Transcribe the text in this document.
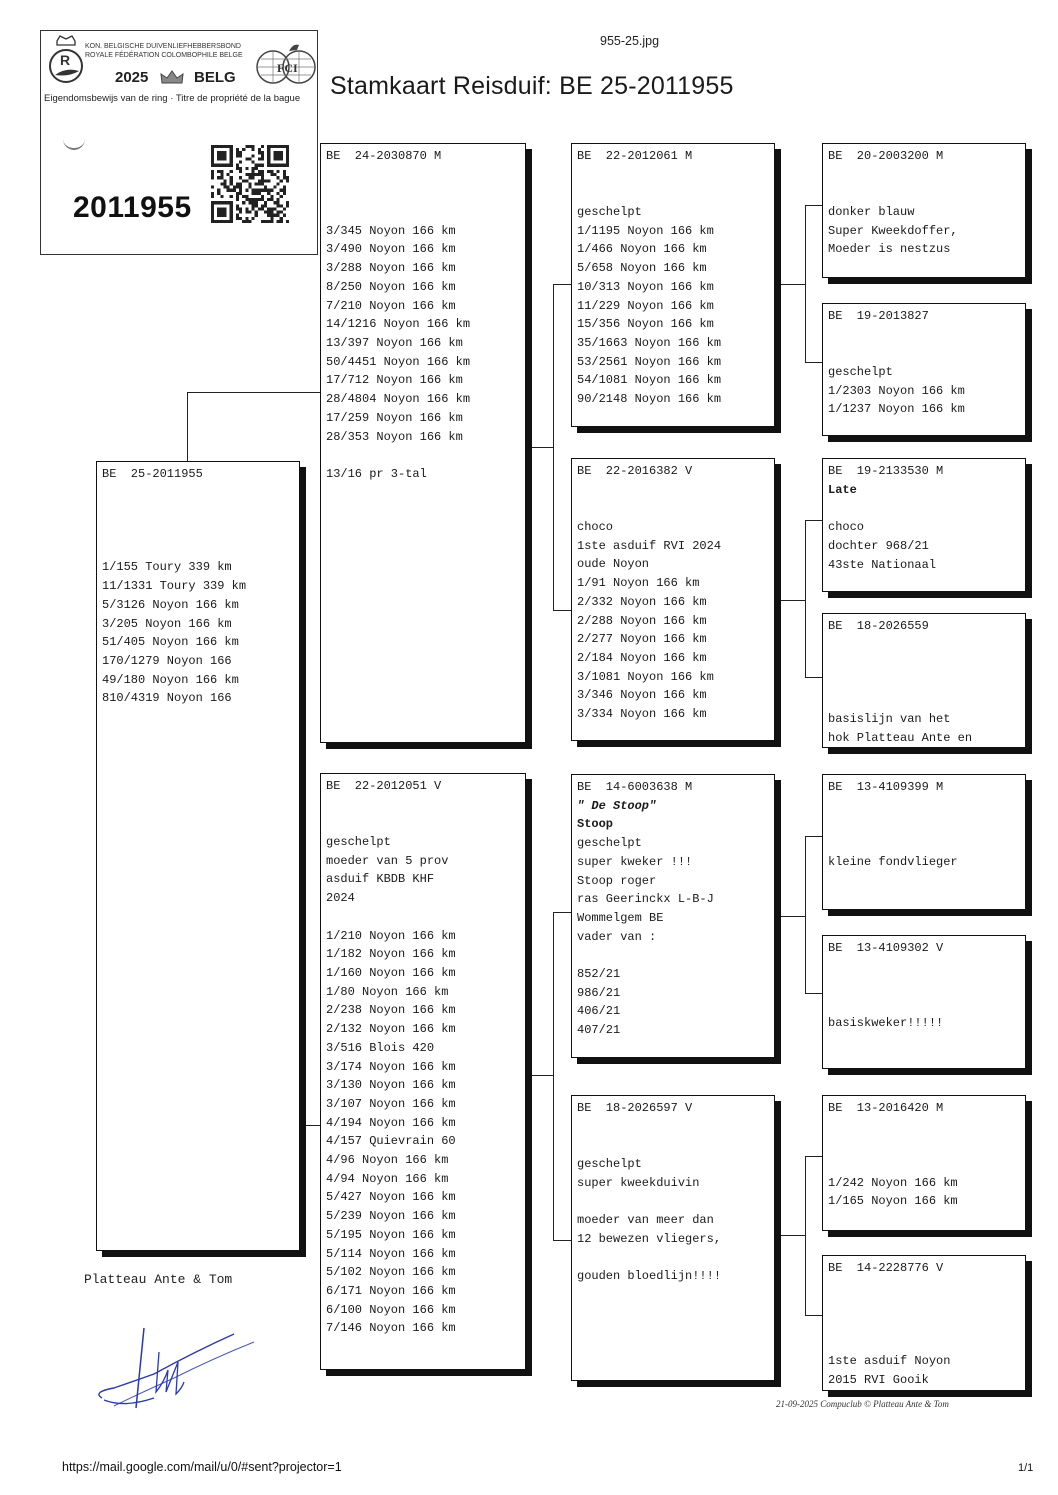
955-25.jpg
Stamkaart Reisduif: BE 25-2011955
R
KON. BELGISCHE DUIVENLIEFHEBBERSBOND
ROYALE FÉDÉRATION COLOMBOPHILE BELGE
2025	BELG
FCI
Eigendomsbewijs van de ring · Titre de propriété de la bague
2011955
BE  25-2011955
1/155 Toury 339 km
11/1331 Toury 339 km
5/3126 Noyon 166 km
3/205 Noyon 166 km
51/405 Noyon 166 km
170/1279 Noyon 166
49/180 Noyon 166 km
810/4319 Noyon 166
BE  24-2030870 M
3/345 Noyon 166 km
3/490 Noyon 166 km
3/288 Noyon 166 km
8/250 Noyon 166 km
7/210 Noyon 166 km
14/1216 Noyon 166 km
13/397 Noyon 166 km
50/4451 Noyon 166 km
17/712 Noyon 166 km
28/4804 Noyon 166 km
17/259 Noyon 166 km
28/353 Noyon 166 km
13/16 pr 3-tal
BE  22-2012051 V
geschelpt
moeder van 5 prov
asduif KBDB KHF
2024
1/210 Noyon 166 km
1/182 Noyon 166 km
1/160 Noyon 166 km
1/80 Noyon 166 km
2/238 Noyon 166 km
2/132 Noyon 166 km
3/516 Blois 420
3/174 Noyon 166 km
3/130 Noyon 166 km
3/107 Noyon 166 km
4/194 Noyon 166 km
4/157 Quievrain 60
4/96 Noyon 166 km
4/94 Noyon 166 km
5/427 Noyon 166 km
5/239 Noyon 166 km
5/195 Noyon 166 km
5/114 Noyon 166 km
5/102 Noyon 166 km
6/171 Noyon 166 km
6/100 Noyon 166 km
7/146 Noyon 166 km
BE  22-2012061 M
geschelpt
1/1195 Noyon 166 km
1/466 Noyon 166 km
5/658 Noyon 166 km
10/313 Noyon 166 km
11/229 Noyon 166 km
15/356 Noyon 166 km
35/1663 Noyon 166 km
53/2561 Noyon 166 km
54/1081 Noyon 166 km
90/2148 Noyon 166 km
BE  22-2016382 V
choco
1ste asduif RVI 2024
oude Noyon
1/91 Noyon 166 km
2/332 Noyon 166 km
2/288 Noyon 166 km
2/277 Noyon 166 km
2/184 Noyon 166 km
3/1081 Noyon 166 km
3/346 Noyon 166 km
3/334 Noyon 166 km
BE  14-6003638 M
" De Stoop"
Stoop
geschelpt
super kweker !!!
Stoop roger
ras Geerinckx L-B-J
Wommelgem BE
vader van :
852/21
986/21
406/21
407/21
BE  18-2026597 V
geschelpt
super kweekduivin
moeder van meer dan
12 bewezen vliegers,
gouden bloedlijn!!!!
BE  20-2003200 M
donker blauw
Super Kweekdoffer,
Moeder is nestzus
BE  19-2013827
geschelpt
1/2303 Noyon 166 km
1/1237 Noyon 166 km
BE  19-2133530 M
Late
choco
dochter 968/21
43ste Nationaal
BE  18-2026559
basislijn van het
hok Platteau Ante en
BE  13-4109399 M
kleine fondvlieger
BE  13-4109302 V
basiskweker!!!!!
BE  13-2016420 M
1/242 Noyon 166 km
1/165 Noyon 166 km
BE  14-2228776 V
1ste asduif Noyon
2015 RVI Gooik
Platteau Ante & Tom
21-09-2025 Compuclub © Platteau Ante & Tom
https://mail.google.com/mail/u/0/#sent?projector=1	1/1
